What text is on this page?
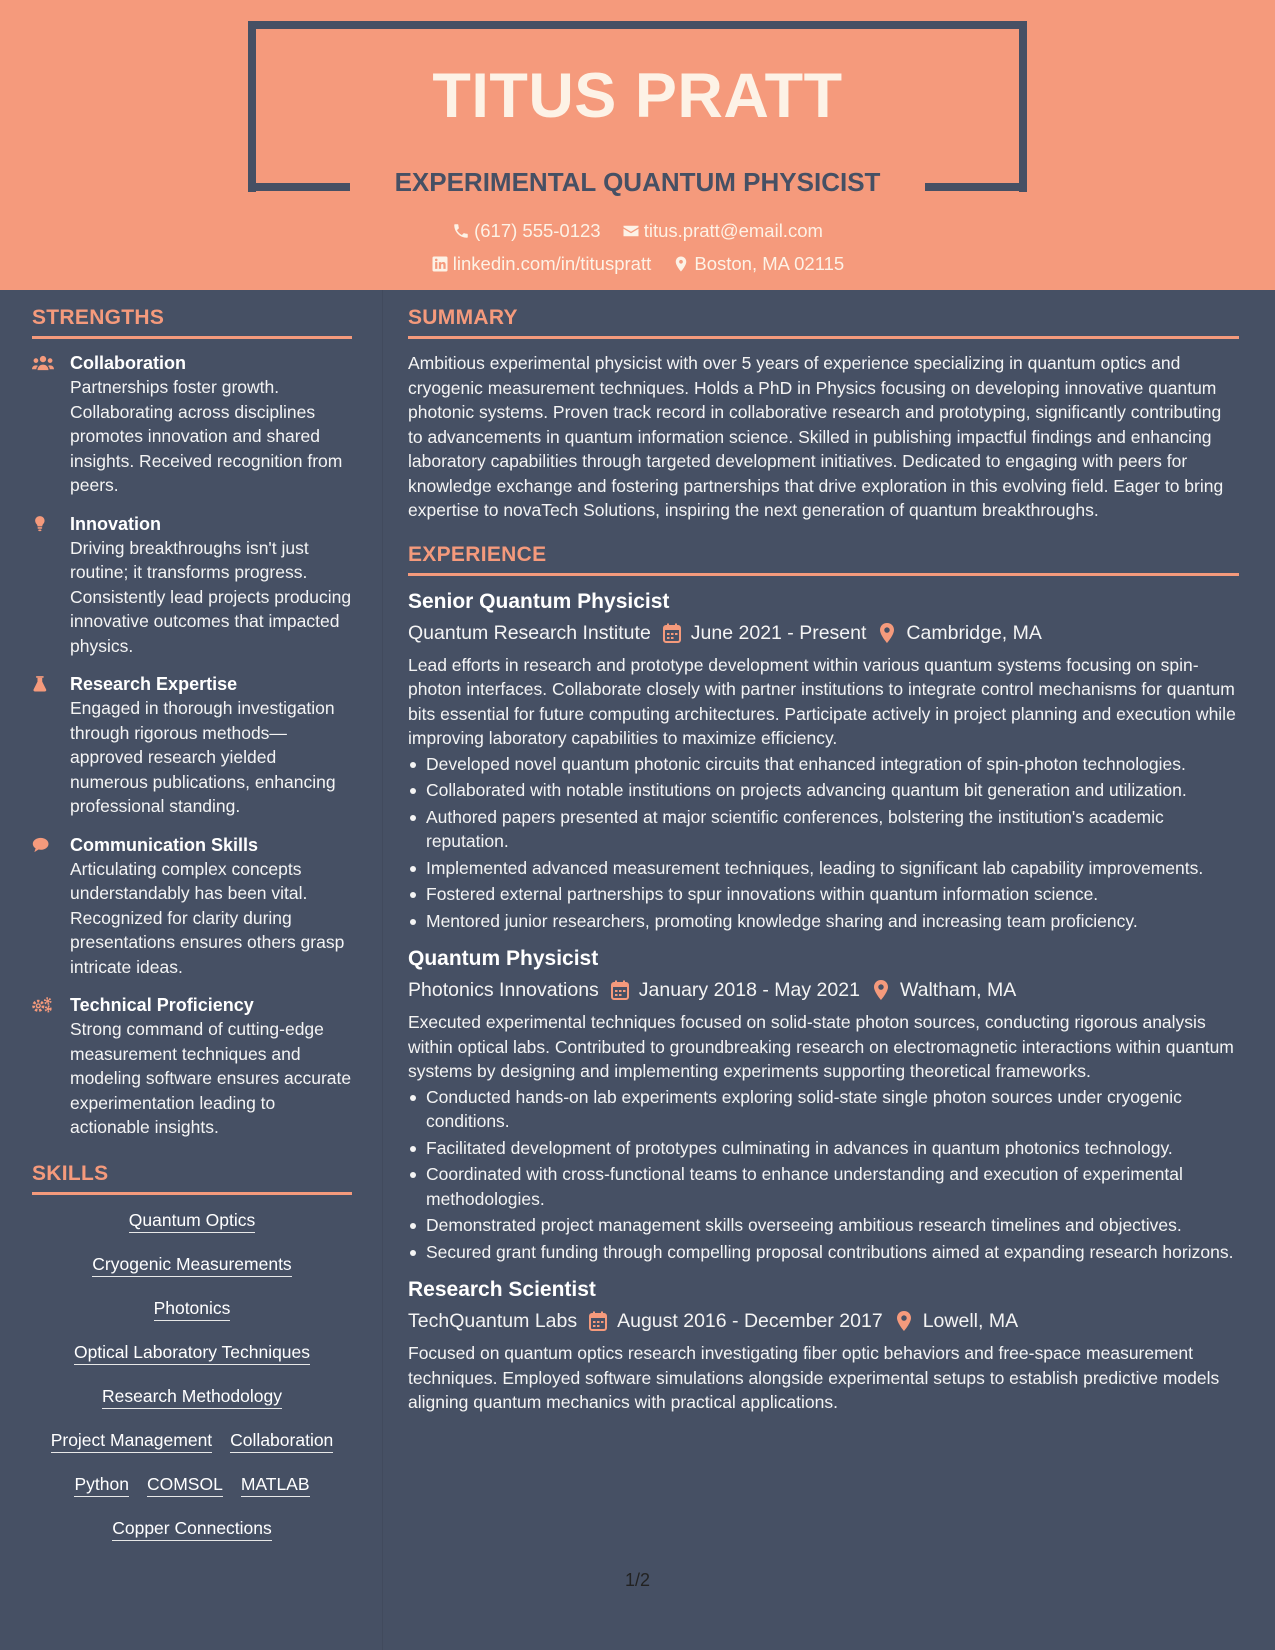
TITUS PRATT
EXPERIMENTAL QUANTUM PHYSICIST
(617) 555-0123
titus.pratt@email.com
linkedin.com/in/tituspratt
Boston, MA 02115
STRENGTHS
Collaboration
Partnerships foster growth. Collaborating across disciplines promotes innovation and shared insights. Received recognition from peers.
Innovation
Driving breakthroughs isn't just routine; it transforms progress. Consistently lead projects producing innovative outcomes that impacted physics.
Research Expertise
Engaged in thorough investigation through rigorous methods—approved research yielded numerous publications, enhancing professional standing.
Communication Skills
Articulating complex concepts understandably has been vital. Recognized for clarity during presentations ensures others grasp intricate ideas.
Technical Proficiency
Strong command of cutting-edge measurement techniques and modeling software ensures accurate experimentation leading to actionable insights.
SKILLS
Quantum Optics
Cryogenic Measurements
Photonics
Optical Laboratory Techniques
Research Methodology
Project Management Collaboration
Python COMSOL MATLAB
Copper Connections
SUMMARY
Ambitious experimental physicist with over 5 years of experience specializing in quantum optics and cryogenic measurement techniques. Holds a PhD in Physics focusing on developing innovative quantum photonic systems. Proven track record in collaborative research and prototyping, significantly contributing to advancements in quantum information science. Skilled in publishing impactful findings and enhancing laboratory capabilities through targeted development initiatives. Dedicated to engaging with peers for knowledge exchange and fostering partnerships that drive exploration in this evolving field. Eager to bring expertise to novaTech Solutions, inspiring the next generation of quantum breakthroughs.
EXPERIENCE
Senior Quantum Physicist
Quantum Research Institute June 2021 - Present Cambridge, MA
Lead efforts in research and prototype development within various quantum systems focusing on spin-photon interfaces. Collaborate closely with partner institutions to integrate control mechanisms for quantum bits essential for future computing architectures. Participate actively in project planning and execution while improving laboratory capabilities to maximize efficiency.
Developed novel quantum photonic circuits that enhanced integration of spin-photon technologies.
Collaborated with notable institutions on projects advancing quantum bit generation and utilization.
Authored papers presented at major scientific conferences, bolstering the institution's academic reputation.
Implemented advanced measurement techniques, leading to significant lab capability improvements.
Fostered external partnerships to spur innovations within quantum information science.
Mentored junior researchers, promoting knowledge sharing and increasing team proficiency.
Quantum Physicist
Photonics Innovations January 2018 - May 2021 Waltham, MA
Executed experimental techniques focused on solid-state photon sources, conducting rigorous analysis within optical labs. Contributed to groundbreaking research on electromagnetic interactions within quantum systems by designing and implementing experiments supporting theoretical frameworks.
Conducted hands-on lab experiments exploring solid-state single photon sources under cryogenic conditions.
Facilitated development of prototypes culminating in advances in quantum photonics technology.
Coordinated with cross-functional teams to enhance understanding and execution of experimental methodologies.
Demonstrated project management skills overseeing ambitious research timelines and objectives.
Secured grant funding through compelling proposal contributions aimed at expanding research horizons.
Research Scientist
TechQuantum Labs August 2016 - December 2017 Lowell, MA
Focused on quantum optics research investigating fiber optic behaviors and free-space measurement techniques. Employed software simulations alongside experimental setups to establish predictive models aligning quantum mechanics with practical applications.
1/2
